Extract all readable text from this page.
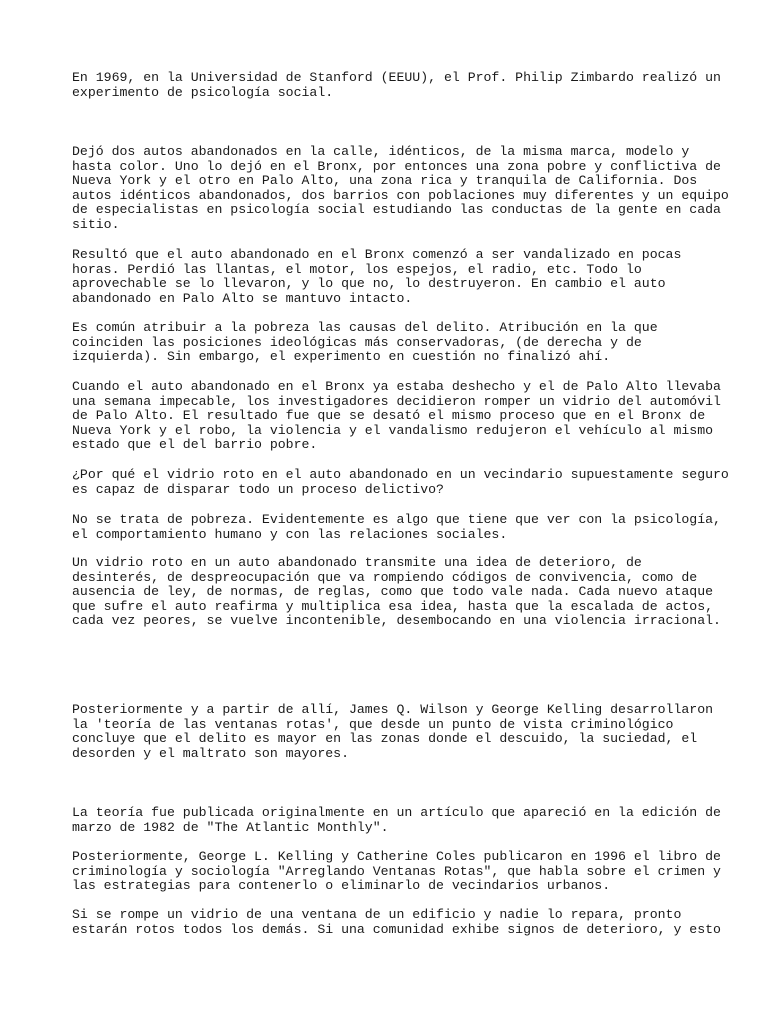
En 1969, en la Universidad de Stanford (EEUU), el Prof. Philip Zimbardo realizó un
experimento de psicología social.

Dejó dos autos abandonados en la calle, idénticos, de la misma marca, modelo y
hasta color. Uno lo dejó en el Bronx, por entonces una zona pobre y conflictiva de
Nueva York y el otro en Palo Alto, una zona rica y tranquila de California. Dos
autos idénticos abandonados, dos barrios con poblaciones muy diferentes y un equipo
de especialistas en psicología social estudiando las conductas de la gente en cada
sitio.

Resultó que el auto abandonado en el Bronx comenzó a ser vandalizado en pocas
horas. Perdió las llantas, el motor, los espejos, el radio, etc. Todo lo
aprovechable se lo llevaron, y lo que no, lo destruyeron. En cambio el auto
abandonado en Palo Alto se mantuvo intacto.

Es común atribuir a la pobreza las causas del delito. Atribución en la que
coinciden las posiciones ideológicas más conservadoras, (de derecha y de
izquierda). Sin embargo, el experimento en cuestión no finalizó ahí.

Cuando el auto abandonado en el Bronx ya estaba deshecho y el de Palo Alto llevaba
una semana impecable, los investigadores decidieron romper un vidrio del automóvil
de Palo Alto. El resultado fue que se desató el mismo proceso que en el Bronx de
Nueva York y el robo, la violencia y el vandalismo redujeron el vehículo al mismo
estado que el del barrio pobre.

¿Por qué el vidrio roto en el auto abandonado en un vecindario supuestamente seguro
es capaz de disparar todo un proceso delictivo?

No se trata de pobreza. Evidentemente es algo que tiene que ver con la psicología,
el comportamiento humano y con las relaciones sociales.

Un vidrio roto en un auto abandonado transmite una idea de deterioro, de
desinterés, de despreocupación que va rompiendo códigos de convivencia, como de
ausencia de ley, de normas, de reglas, como que todo vale nada. Cada nuevo ataque
que sufre el auto reafirma y multiplica esa idea, hasta que la escalada de actos,
cada vez peores, se vuelve incontenible, desembocando en una violencia irracional.

Posteriormente y a partir de allí, James Q. Wilson y George Kelling desarrollaron
la 'teoría de las ventanas rotas', que desde un punto de vista criminológico
concluye que el delito es mayor en las zonas donde el descuido, la suciedad, el
desorden y el maltrato son mayores.

La teoría fue publicada originalmente en un artículo que apareció en la edición de
marzo de 1982 de "The Atlantic Monthly".

Posteriormente, George L. Kelling y Catherine Coles publicaron en 1996 el libro de
criminología y sociología "Arreglando Ventanas Rotas", que habla sobre el crimen y
las estrategias para contenerlo o eliminarlo de vecindarios urbanos.

Si se rompe un vidrio de una ventana de un edificio y nadie lo repara, pronto
estarán rotos todos los demás. Si una comunidad exhibe signos de deterioro, y esto
